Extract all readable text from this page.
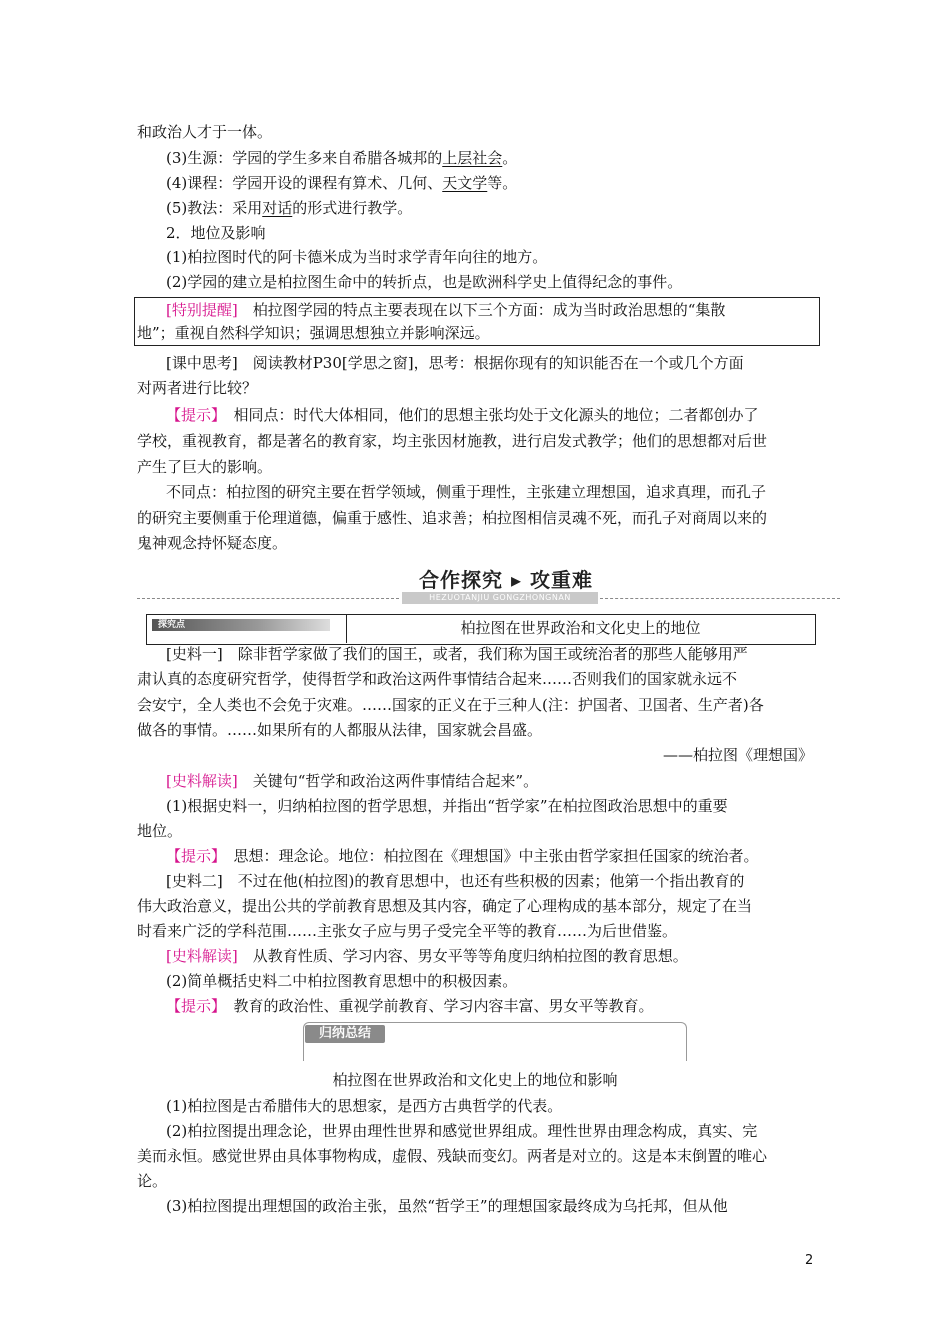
和政治人才于一体。
(3)生源：学园的学生多来自希腊各城邦的上层社会。
(4)课程：学园开设的课程有算术、几何、天文学等。
(5)教法：采用对话的形式进行教学。
2．地位及影响
(1)柏拉图时代的阿卡德米成为当时求学青年向往的地方。
(2)学园的建立是柏拉图生命中的转折点，也是欧洲科学史上值得纪念的事件。
[特别提醒]　 柏拉图学园的特点主要表现在以下三个方面：成为当时政治思想的“集散
地”；重视自然科学知识；强调思想独立并影响深远。
[课中思考]　阅读教材P30[学思之窗]，思考：根据你现有的知识能否在一个或几个方面
对两者进行比较？
【提示】　 相同点：时代大体相同，他们的思想主张均处于文化源头的地位；二者都创办了
学校，重视教育，都是著名的教育家，均主张因材施教，进行启发式教学；他们的思想都对后世
产生了巨大的影响。
不同点：柏拉图的研究主要在哲学领域，侧重于理性，主张建立理想国，追求真理，而孔子
的研究主要侧重于伦理道德，偏重于感性、追求善；柏拉图相信灵魂不死，而孔子对商周以来的
鬼神观念持怀疑态度。
合作探究 ▸ 攻重难
HEZUOTANJIU GONGZHONGNAN
探究点	柏拉图在世界政治和文化史上的地位
[史料一]　除非哲学家做了我们的国王，或者，我们称为国王或统治者的那些人能够用严
肃认真的态度研究哲学，使得哲学和政治这两件事情结合起来……否则我们的国家就永远不
会安宁，全人类也不会免于灾难。……国家的正义在于三种人(注：护国者、卫国者、生产者)各
做各的事情。……如果所有的人都服从法律，国家就会昌盛。
——柏拉图《理想国》
[史料解读]　 关键句“哲学和政治这两件事情结合起来”。
(1)根据史料一，归纳柏拉图的哲学思想，并指出“哲学家”在柏拉图政治思想中的重要
地位。
【提示】　 思想：理念论。地位：柏拉图在《理想国》中主张由哲学家担任国家的统治者。
[史料二]　不过在他(柏拉图)的教育思想中，也还有些积极的因素；他第一个指出教育的
伟大政治意义，提出公共的学前教育思想及其内容，确定了心理构成的基本部分，规定了在当
时看来广泛的学科范围……主张女子应与男子受完全平等的教育……为后世借鉴。
[史料解读]　 从教育性质、学习内容、男女平等等角度归纳柏拉图的教育思想。
(2)简单概括史料二中柏拉图教育思想中的积极因素。
【提示】　 教育的政治性、重视学前教育、学习内容丰富、男女平等教育。
归纳总结
柏拉图在世界政治和文化史上的地位和影响
(1)柏拉图是古希腊伟大的思想家，是西方古典哲学的代表。
(2)柏拉图提出理念论，世界由理性世界和感觉世界组成。理性世界由理念构成，真实、完
美而永恒。感觉世界由具体事物构成，虚假、残缺而变幻。两者是对立的。这是本末倒置的唯心
论。
(3)柏拉图提出理想国的政治主张，虽然“哲学王”的理想国家最终成为乌托邦，但从他
2
